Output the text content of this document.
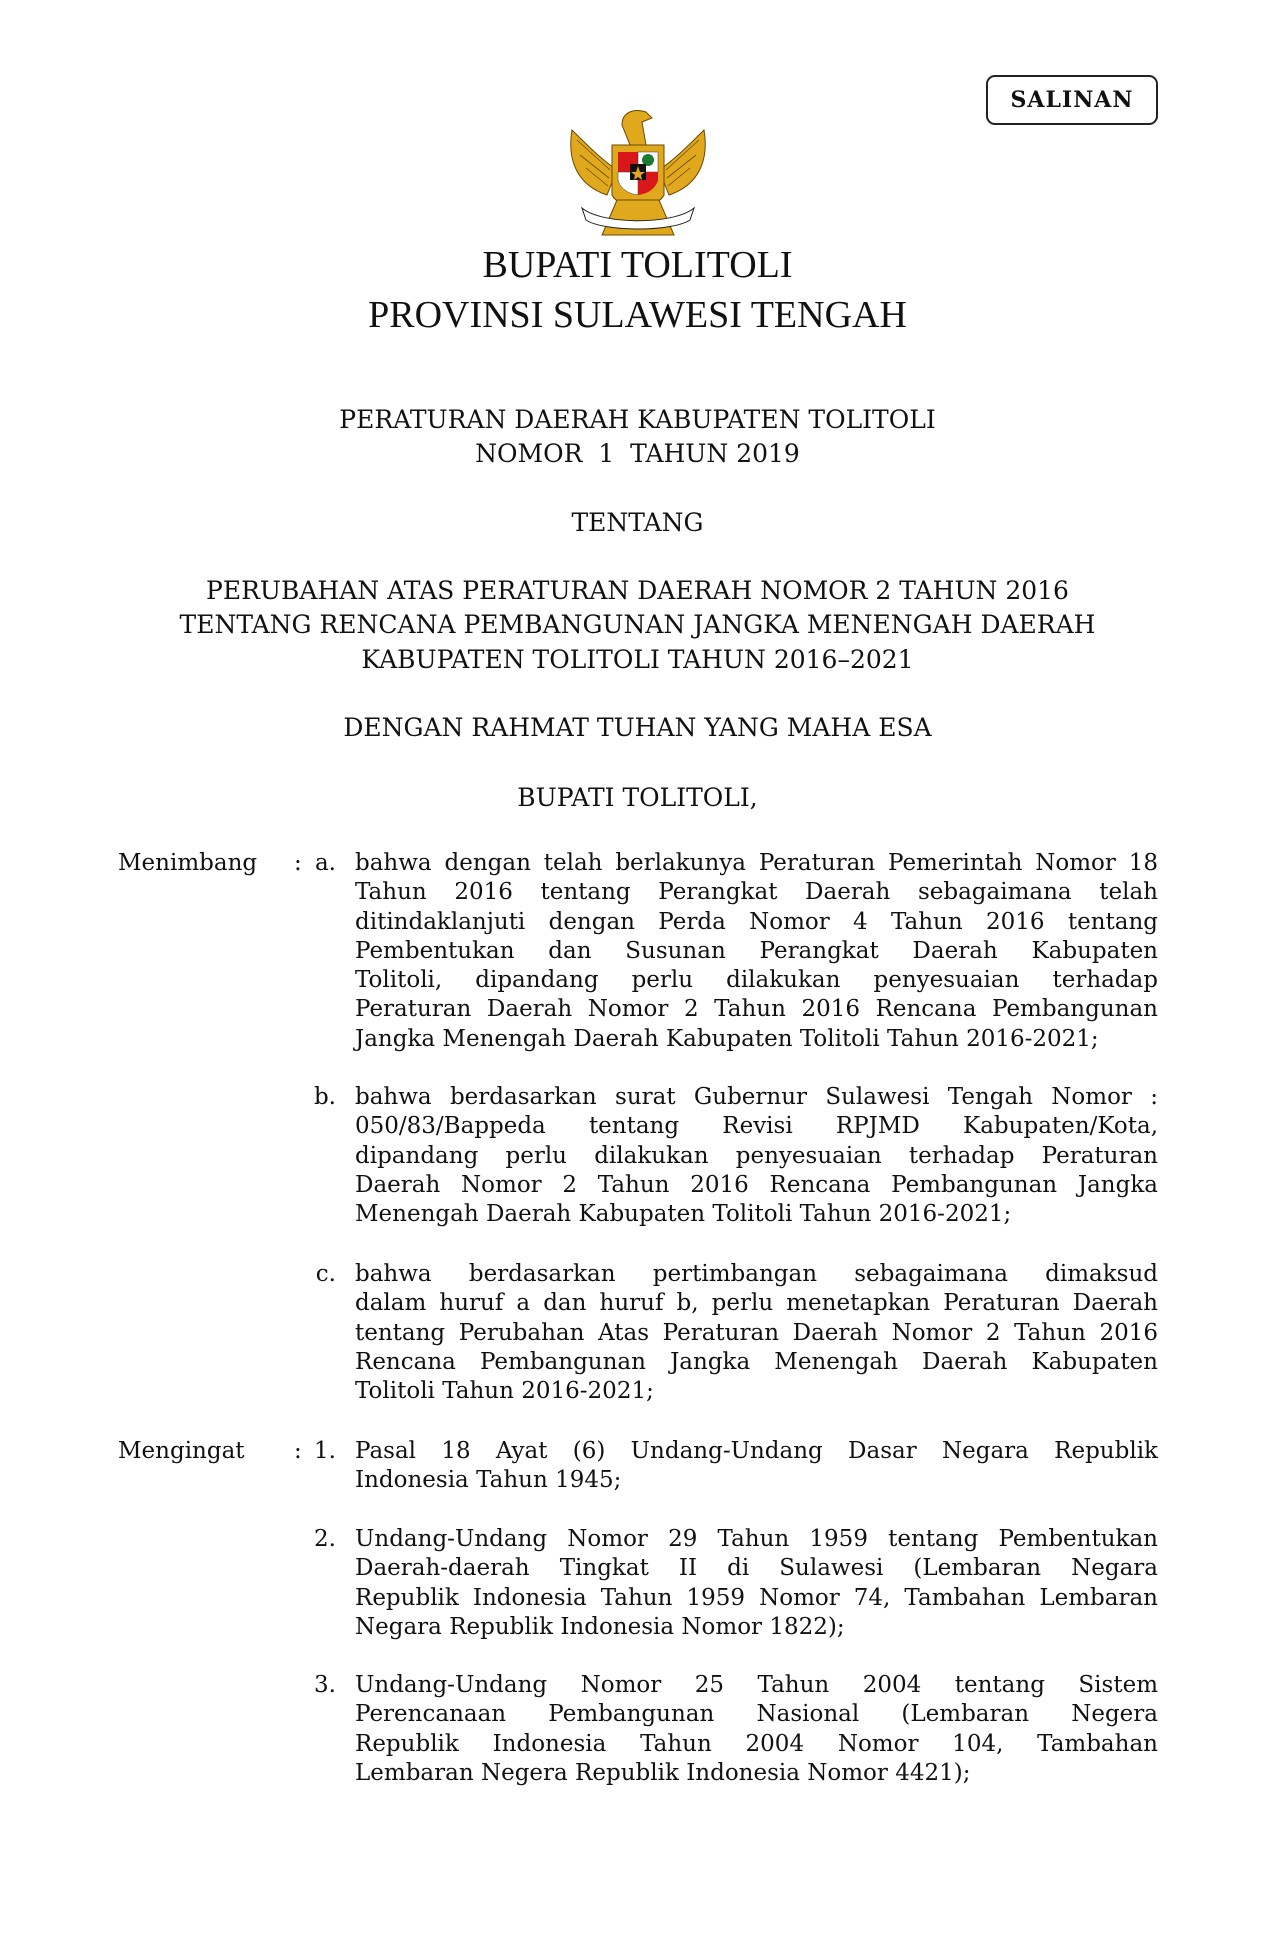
SALINAN
BUPATI TOLITOLI
PROVINSI SULAWESI TENGAH
PERATURAN DAERAH KABUPATEN TOLITOLI
NOMOR  1  TAHUN 2019
TENTANG
PERUBAHAN ATAS PERATURAN DAERAH NOMOR 2 TAHUN 2016
TENTANG RENCANA PEMBANGUNAN JANGKA MENENGAH DAERAH
KABUPATEN TOLITOLI TAHUN 2016–2021
DENGAN RAHMAT TUHAN YANG MAHA ESA
BUPATI TOLITOLI,
Menimbang : a. bahwa dengan telah berlakunya Peraturan Pemerintah Nomor 18
Tahun 2016 tentang Perangkat Daerah sebagaimana telah
ditindaklanjuti dengan Perda Nomor 4 Tahun 2016 tentang
Pembentukan dan Susunan Perangkat Daerah Kabupaten
Tolitoli, dipandang perlu dilakukan penyesuaian terhadap
Peraturan Daerah Nomor 2 Tahun 2016 Rencana Pembangunan
Jangka Menengah Daerah Kabupaten Tolitoli Tahun 2016-2021;
b. bahwa berdasarkan surat Gubernur Sulawesi Tengah Nomor :
050/83/Bappeda tentang Revisi RPJMD Kabupaten/Kota,
dipandang perlu dilakukan penyesuaian terhadap Peraturan
Daerah Nomor 2 Tahun 2016 Rencana Pembangunan Jangka
Menengah Daerah Kabupaten Tolitoli Tahun 2016-2021;
c. bahwa berdasarkan pertimbangan sebagaimana dimaksud
dalam huruf a dan huruf b, perlu menetapkan Peraturan Daerah
tentang Perubahan Atas Peraturan Daerah Nomor 2 Tahun 2016
Rencana Pembangunan Jangka Menengah Daerah Kabupaten
Tolitoli Tahun 2016-2021;
Mengingat : 1. Pasal 18 Ayat (6) Undang-Undang Dasar Negara Republik
Indonesia Tahun 1945;
2. Undang-Undang Nomor 29 Tahun 1959 tentang Pembentukan
Daerah-daerah Tingkat II di Sulawesi (Lembaran Negara
Republik Indonesia Tahun 1959 Nomor 74, Tambahan Lembaran
Negara Republik Indonesia Nomor 1822);
3. Undang-Undang Nomor 25 Tahun 2004 tentang Sistem
Perencanaan Pembangunan Nasional (Lembaran Negera
Republik Indonesia Tahun 2004 Nomor 104, Tambahan
Lembaran Negera Republik Indonesia Nomor 4421);
